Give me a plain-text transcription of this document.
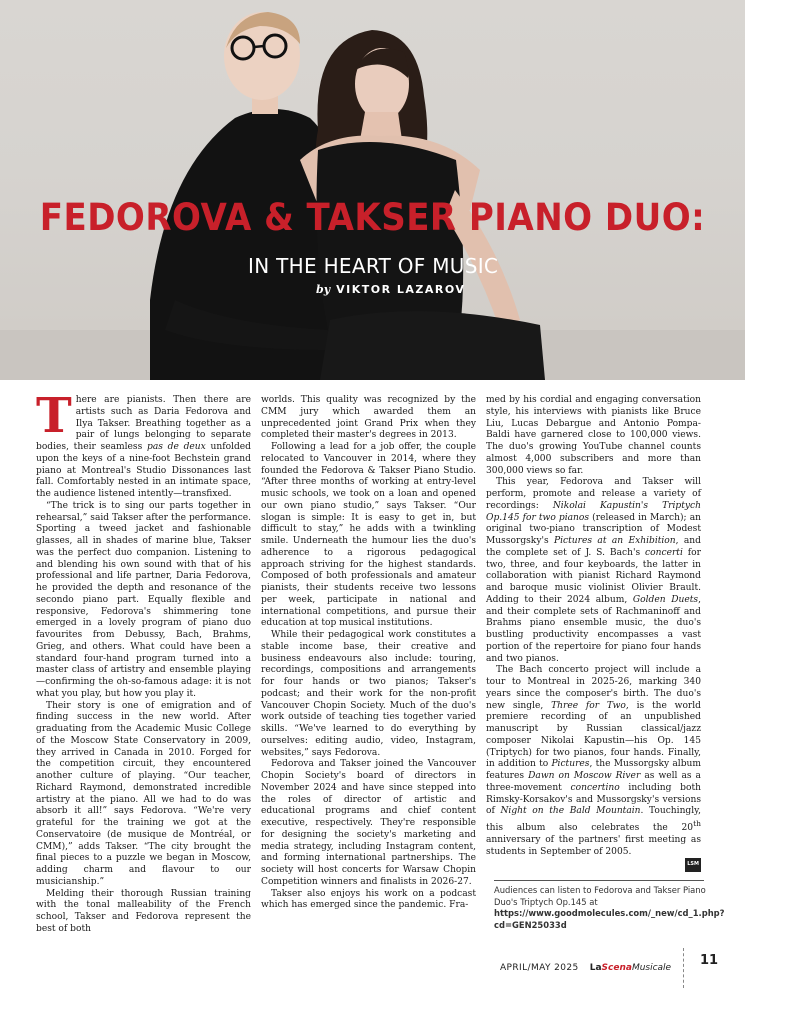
FEDOROVA & TAKSER PIANO DUO:
IN THE HEART OF MUSIC
by VIKTOR LAZAROV

There are pianists. Then there are artists such as Daria Fedorova and Ilya Takser. Breathing together as a pair of lungs belonging to separate bodies, their seamless pas de deux unfolded upon the keys of a nine-foot Bechstein grand piano at Montreal's Studio Dissonances last fall. Comfortably nested in an intimate space, the audience listened intently—transfixed.

“The trick is to sing our parts together in rehearsal,” said Takser after the performance. Sporting a tweed jacket and fashionable glasses, all in shades of marine blue, Takser was the perfect duo companion. Listening to and blending his own sound with that of his professional and life partner, Daria Fedorova, he provided the depth and resonance of the secondo piano part. Equally flexible and responsive, Fedorova's shimmering tone emerged in a lovely program of piano duo favourites from Debussy, Bach, Brahms, Grieg, and others. What could have been a standard four-hand program turned into a master class of artistry and ensemble playing—confirming the oh-so-famous adage: it is not what you play, but how you play it.

Their story is one of emigration and of finding success in the new world. After graduating from the Academic Music College of the Moscow State Conservatory in 2009, they arrived in Canada in 2010. Forged for the competition circuit, they encountered another culture of playing. “Our teacher, Richard Raymond, demonstrated incredible artistry at the piano. All we had to do was absorb it all!” says Fedorova. “We're very grateful for the training we got at the Conservatoire (de musique de Montréal, or CMM),” adds Takser. “The city brought the final pieces to a puzzle we began in Moscow, adding charm and flavour to our musicianship.”

Melding their thorough Russian training with the tonal malleability of the French school, Takser and Fedorova represent the best of both

worlds. This quality was recognized by the CMM jury which awarded them an unprecedented joint Grand Prix when they completed their master's degrees in 2013.

Following a lead for a job offer, the couple relocated to Vancouver in 2014, where they founded the Fedorova & Takser Piano Studio. “After three months of working at entry-level music schools, we took on a loan and opened our own piano studio,” says Takser. “Our slogan is simple: It is easy to get in, but difficult to stay,” he adds with a twinkling smile. Underneath the humour lies the duo's adherence to a rigorous pedagogical approach striving for the highest standards. Composed of both professionals and amateur pianists, their students receive two lessons per week, participate in national and international competitions, and pursue their education at top musical institutions.

While their pedagogical work constitutes a stable income base, their creative and business endeavours also include: touring, recordings, compositions and arrangements for four hands or two pianos; Takser's podcast; and their work for the non-profit Vancouver Chopin Society. Much of the duo's work outside of teaching ties together varied skills. “We've learned to do everything by ourselves: editing audio, video, Instagram, websites,” says Fedorova.

Fedorova and Takser joined the Vancouver Chopin Society's board of directors in November 2024 and have since stepped into the roles of director of artistic and educational programs and chief content executive, respectively. They're responsible for designing the society's marketing and media strategy, including Instagram content, and forming international partnerships. The society will host concerts for Warsaw Chopin Competition winners and finalists in 2026-27.

Takser also enjoys his work on a podcast which has emerged since the pandemic. Fra-

med by his cordial and engaging conversation style, his interviews with pianists like Bruce Liu, Lucas Debargue and Antonio Pompa-Baldi have garnered close to 100,000 views. The duo's growing YouTube channel counts almost 4,000 subscribers and more than 300,000 views so far.

This year, Fedorova and Takser will perform, promote and release a variety of recordings: Nikolai Kapustin's Triptych Op.145 for two pianos (released in March); an original two-piano transcription of Modest Mussorgsky's Pictures at an Exhibition, and the complete set of J. S. Bach's concerti for two, three, and four keyboards, the latter in collaboration with pianist Richard Raymond and baroque music violinist Olivier Brault. Adding to their 2024 album, Golden Duets, and their complete sets of Rachmaninoff and Brahms piano ensemble music, the duo's bustling productivity encompasses a vast portion of the repertoire for piano four hands and two pianos.

The Bach concerto project will include a tour to Montreal in 2025-26, marking 340 years since the composer's birth. The duo's new single, Three for Two, is the world premiere recording of an unpublished manuscript by Russian classical/jazz composer Nikolai Kapustin—his Op. 145 (Triptych) for two pianos, four hands. Finally, in addition to Pictures, the Mussorgsky album features Dawn on Moscow River as well as a three-movement concertino including both Rimsky-Korsakov's and Mussorgsky's versions of Night on the Bald Mountain. Touchingly, this album also celebrates the 20th anniversary of the partners' first meeting as students in September of 2005.

LSM

Audiences can listen to Fedorova and Takser Piano Duo's Triptych Op.145 at https://www.goodmolecules.com/_new/cd_1.php?cd=GEN25033d
APRIL/MAY 2025 LaScenaMusicale 11
